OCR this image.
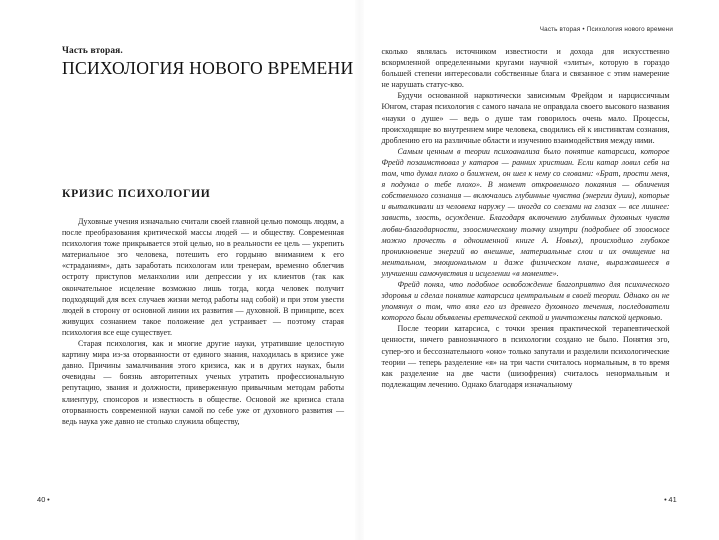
Часть вторая.
ПСИХОЛОГИЯ НОВОГО ВРЕМЕНИ
КРИЗИС ПСИХОЛОГИИ

Духовные учения изначально считали своей главной целью помощь людям, а после преобразования критической массы людей — и обществу. Современная психология тоже прикрывается этой целью, но в реальности ее цель — укрепить материальное эго человека, потешить его гордыню вниманием к его «страданиям», дать заработать психологам или тренерам, временно облегчив остроту приступов меланхолии или депрессии у их клиентов (так как окончательное исцеление возможно лишь тогда, когда человек получит подходящий для всех случаев жизни метод работы над собой) и при этом увести людей в сторону от основной линии их развития — духовной. В принципе, всех живущих сознанием такое положение дел устраивает — поэтому старая психология все еще существует.

Старая психология, как и многие другие науки, утратившие целостную картину мира из-за оторванности от единого знания, находилась в кризисе уже давно. Причины замалчивания этого кризиса, как и в других науках, были очевидны — боязнь авторитетных ученых утратить профессиональную репутацию, звания и должности, приверженную привычным методам работы клиентуру, спонсоров и известность в обществе. Основой же кризиса стала оторванность современной науки самой по себе уже от духовного развития — ведь наука уже давно не столько служила обществу,

40 •
Часть вторая • Психология нового времени

сколько являлась источником известности и дохода для искусственно вскормленной определенными кругами научной «элиты», которую в гораздо большей степени интересовали собственные блага и связанное с этим намерение не нарушать статус-кво.

Будучи основанной наркотически зависимым Фрейдом и нарциссичным Юнгом, старая психология с самого начала не оправдала своего высокого названия «науки о душе» — ведь о душе там говорилось очень мало. Процессы, происходящие во внутреннем мире человека, сводились ей к инстинктам сознания, дроблению его на различные области и изучению взаимодействия между ними.

Самым ценным в теории психоанализа было понятие катарсиса, которое Фрейд позаимствовал у катаров — ранних христиан. Если катар ловил себя на том, что думал плохо о ближнем, он шел к нему со словами: «Брат, прости меня, я подумал о тебе плохо». В момент откровенного покаяния — обличения собственного сознания — включались глубинные чувства (энергии души), которые и выталкивали из человека наружу — иногда со слезами на глазах — все лишнее: зависть, злость, осуждение. Благодаря включению глубинных духовных чувств любви-благодарности, эзоосмическому толчку изнутри (подробнее об эзоосмосе можно прочесть в одноименной книге А. Новых), происходило глубокое проникновение энергий во внешние, материальные слои и их очищение на ментальном, эмоциональном и даже физическом плане, выражавшееся в улучшении самочувствия и исцелении «в моменте».

Фрейд понял, что подобное освобождение благоприятно для психического здоровья и сделал понятие катарсиса центральным в своей теории. Однако он не упомянул о том, что взял его из древнего духовного течения, последователи которого были объявлены еретической сектой и уничтожены папской церковью.

После теории катарсиса, с точки зрения практической терапевтической ценности, ничего равнозначного в психологии создано не было. Понятия эго, супер-эго и бессознательного «оно» только запутали и разделили психологические теории — теперь разделение «я» на три части считалось нормальным, в то время как разделение на две части (шизофрения) считалось ненормальным и подлежащим лечению. Однако благодаря изначальному

• 41
